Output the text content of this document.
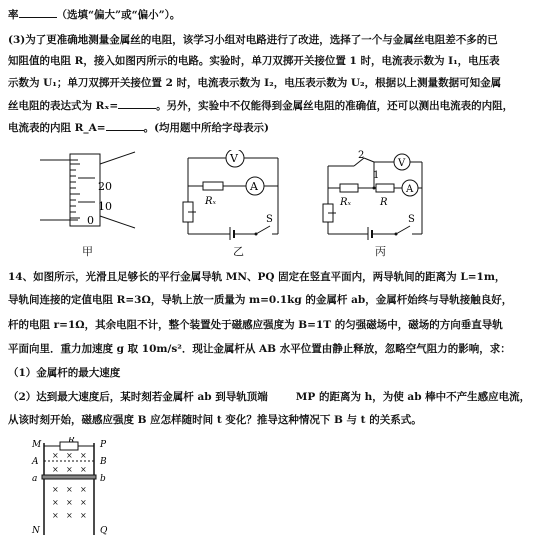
率	（选填“偏大”或“偏小”）。
(3)为了更准确地测量金属丝的电阻，该学习小组对电路进行了改进，选择了一个与金属丝电阻差不多的已
知阻值的电阻 R，接入如图丙所示的电路。实验时，单刀双掷开关接位置 1 时，电流表示数为 I₁，电压表
示数为 U₁；单刀双掷开关接位置 2 时，电流表示数为 I₂，电压表示数为 U₂，根据以上测量数据可知金属
丝电阻的表达式为 Rₓ=	。另外，实验中不仅能得到金属丝电阻的准确值，还可以测出电流表的内阻，
电流表的内阻 R_A=	。(均用题中所给字母表示)
20
10
0
甲
V
A
Rₓ
S
乙
2
1
V
A
Rₓ	R
S
丙
14、如图所示，光滑且足够长的平行金属导轨 MN、PQ 固定在竖直平面内，两导轨间的距离为 L=1m，
导轨间连接的定值电阻 R=3Ω，导轨上放一质量为 m=0.1kg 的金属杆 ab，金属杆始终与导轨接触良好，
杆的电阻 r=1Ω，其余电阻不计，整个装置处于磁感应强度为 B=1T 的匀强磁场中，磁场的方向垂直导轨
平面向里．重力加速度 g 取 10m/s²．现让金属杆从 AB 水平位置由静止释放，忽略空气阻力的影响，求：
（1）金属杆的最大速度
（2）达到最大速度后，某时刻若金属杆 ab 到导轨顶端	MP 的距离为 h，为使 ab 棒中不产生感应电流，
从该时刻开始，磁感应强度 B 应怎样随时间 t 变化？推导这种情况下 B 与 t 的关系式。
M	P
A	B
a	b
N	Q
× × ×
× × ×
× × ×
× × ×
× × ×
